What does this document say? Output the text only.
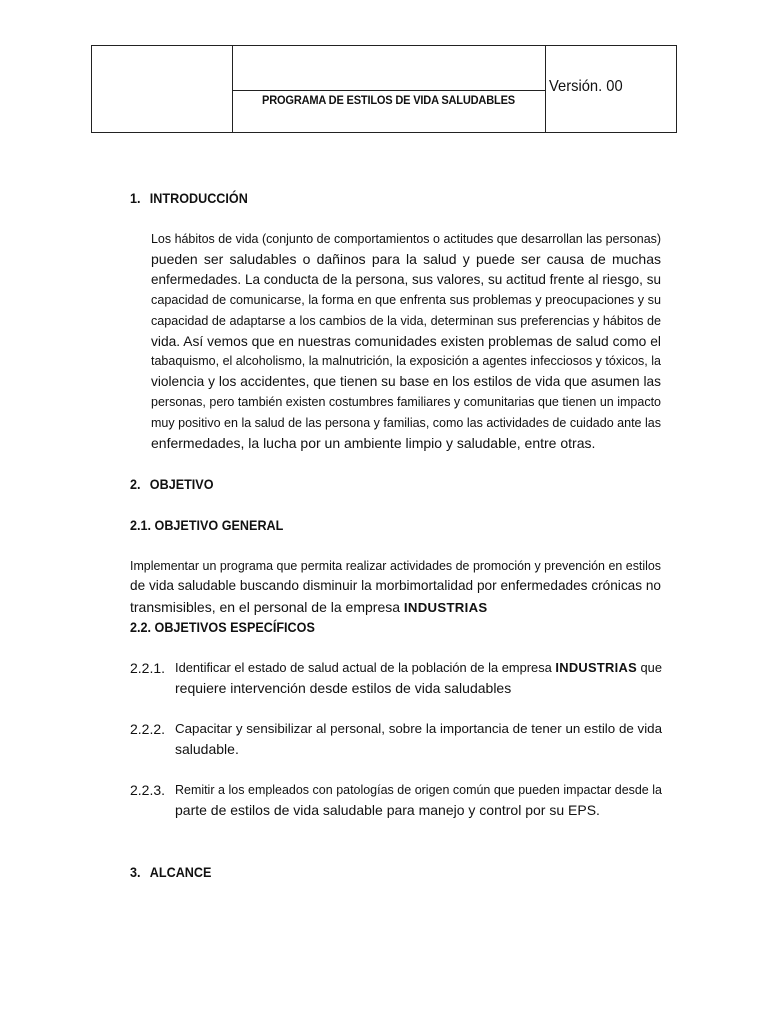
PROGRAMA DE ESTILOS DE VIDA SALUDABLES
Versión. 00
1. INTRODUCCIÓN
Los hábitos de vida (conjunto de comportamientos o actitudes que desarrollan las personas)
pueden ser saludables o dañinos para la salud y puede ser causa de muchas
enfermedades. La conducta de la persona, sus valores, su actitud frente al riesgo, su
capacidad de comunicarse, la forma en que enfrenta sus problemas y preocupaciones y su
capacidad de adaptarse a los cambios de la vida, determinan sus preferencias y hábitos de
vida. Así vemos que en nuestras comunidades existen problemas de salud como el
tabaquismo, el alcoholismo, la malnutrición, la exposición a agentes infecciosos y tóxicos, la
violencia y los accidentes, que tienen su base en los estilos de vida que asumen las
personas, pero también existen costumbres familiares y comunitarias que tienen un impacto
muy positivo en la salud de las persona y familias, como las actividades de cuidado ante las
enfermedades, la lucha por un ambiente limpio y saludable, entre otras.
2. OBJETIVO
2.1. OBJETIVO GENERAL
Implementar un programa que permita realizar actividades de promoción y prevención en estilos
de vida saludable buscando disminuir la morbimortalidad por enfermedades crónicas no
transmisibles, en el personal de la empresa INDUSTRIAS
2.2. OBJETIVOS ESPECÍFICOS
2.2.1. Identificar el estado de salud actual de la población de la empresa INDUSTRIAS que
requiere intervención desde estilos de vida saludables
2.2.2. Capacitar y sensibilizar al personal, sobre la importancia de tener un estilo de vida
saludable.
2.2.3. Remitir a los empleados con patologías de origen común que pueden impactar desde la
parte de estilos de vida saludable para manejo y control por su EPS.
3. ALCANCE
